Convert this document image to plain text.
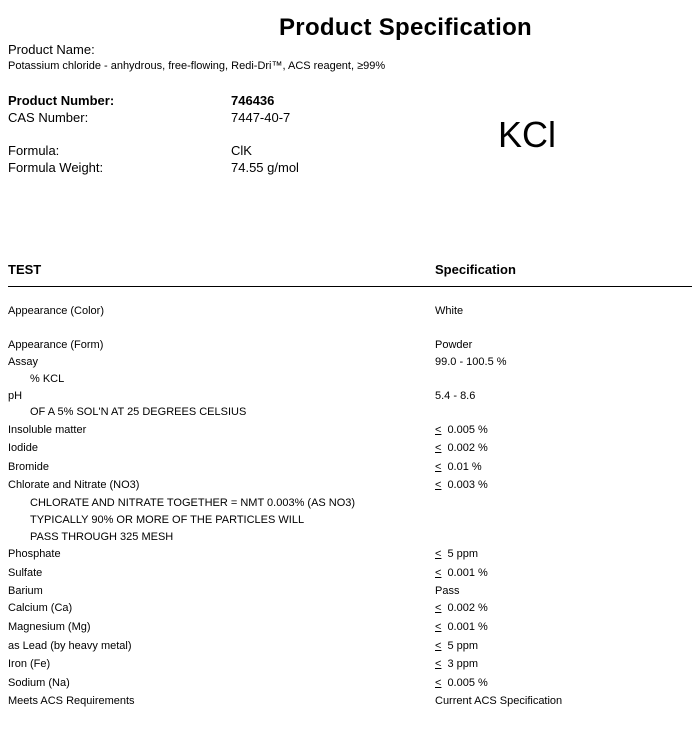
Product Specification
Product Name:
Potassium chloride - anhydrous, free-flowing, Redi-Dri™, ACS reagent, ≥99%
Product Number:	746436
CAS Number:	7447-40-7
Formula:	ClK
Formula Weight:	74.55 g/mol
KCl
TEST	Specification
Appearance (Color)	White
Appearance (Form)	Powder
Assay	99.0 - 100.5 %
% KCL
pH	5.4 - 8.6
OF A 5% SOL'N AT 25 DEGREES CELSIUS
Insoluble matter	≤ 0.005 %
Iodide	≤ 0.002 %
Bromide	≤ 0.01 %
Chlorate and Nitrate (NO3)	≤ 0.003 %
CHLORATE AND NITRATE TOGETHER = NMT 0.003% (AS NO3)
TYPICALLY 90% OR MORE OF THE PARTICLES WILL
PASS THROUGH 325 MESH
Phosphate	≤ 5 ppm
Sulfate	≤ 0.001 %
Barium	Pass
Calcium (Ca)	≤ 0.002 %
Magnesium (Mg)	≤ 0.001 %
as Lead (by heavy metal)	≤ 5 ppm
Iron (Fe)	≤ 3 ppm
Sodium (Na)	≤ 0.005 %
Meets ACS Requirements	Current ACS Specification
